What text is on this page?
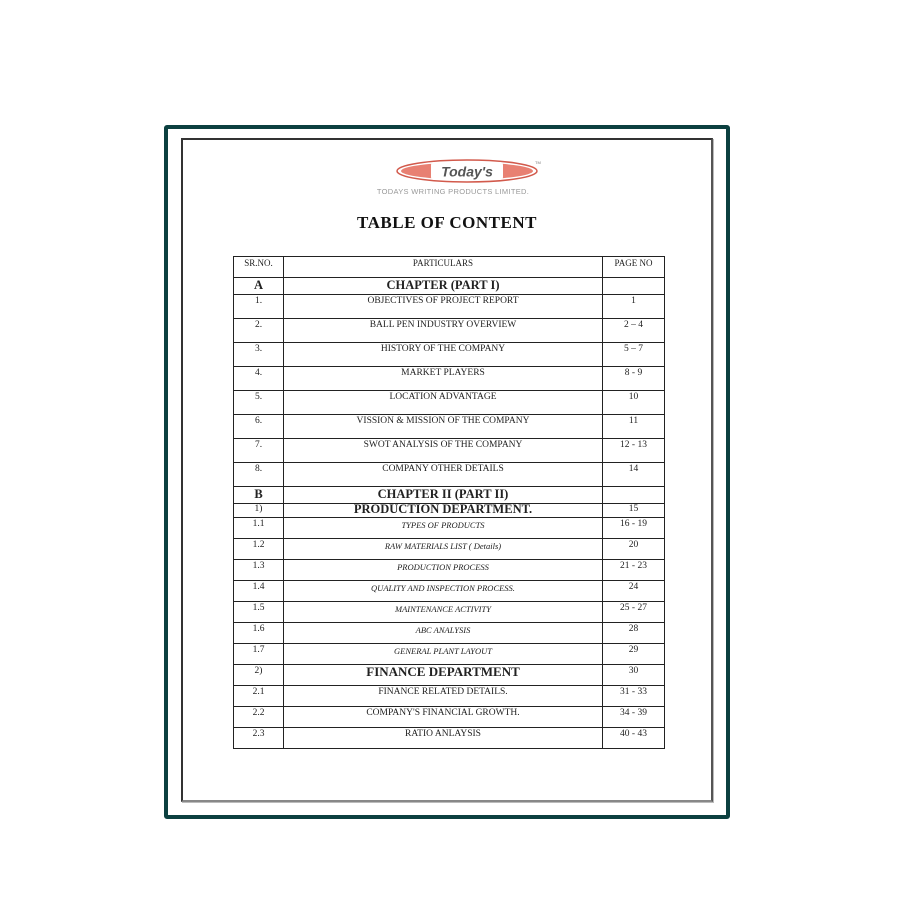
Today's
TM
TODAYS WRITING PRODUCTS LIMITED.
TABLE OF CONTENT
SR.NO.	PARTICULARS	PAGE NO
A	CHAPTER (PART I)	
1.	OBJECTIVES OF PROJECT REPORT	1
2.	BALL PEN INDUSTRY OVERVIEW	2 – 4
3.	HISTORY OF THE COMPANY	5 – 7
4.	MARKET PLAYERS	8 - 9
5.	LOCATION ADVANTAGE	10
6.	VISSION & MISSION OF THE COMPANY	11
7.	SWOT ANALYSIS OF THE COMPANY	12 - 13
8.	COMPANY OTHER DETAILS	14
B	CHAPTER II (PART II)	
1)	PRODUCTION DEPARTMENT.	15
1.1	TYPES OF PRODUCTS	16 - 19
1.2	RAW MATERIALS LIST ( Details)	20
1.3	PRODUCTION PROCESS	21 - 23
1.4	QUALITY AND INSPECTION PROCESS.	24
1.5	MAINTENANCE ACTIVITY	25 - 27
1.6	ABC ANALYSIS	28
1.7	GENERAL PLANT LAYOUT	29
2)	FINANCE DEPARTMENT	30
2.1	FINANCE RELATED DETAILS.	31 - 33
2.2	COMPANY'S FINANCIAL GROWTH.	34 - 39
2.3	RATIO ANLAYSIS	40 - 43
